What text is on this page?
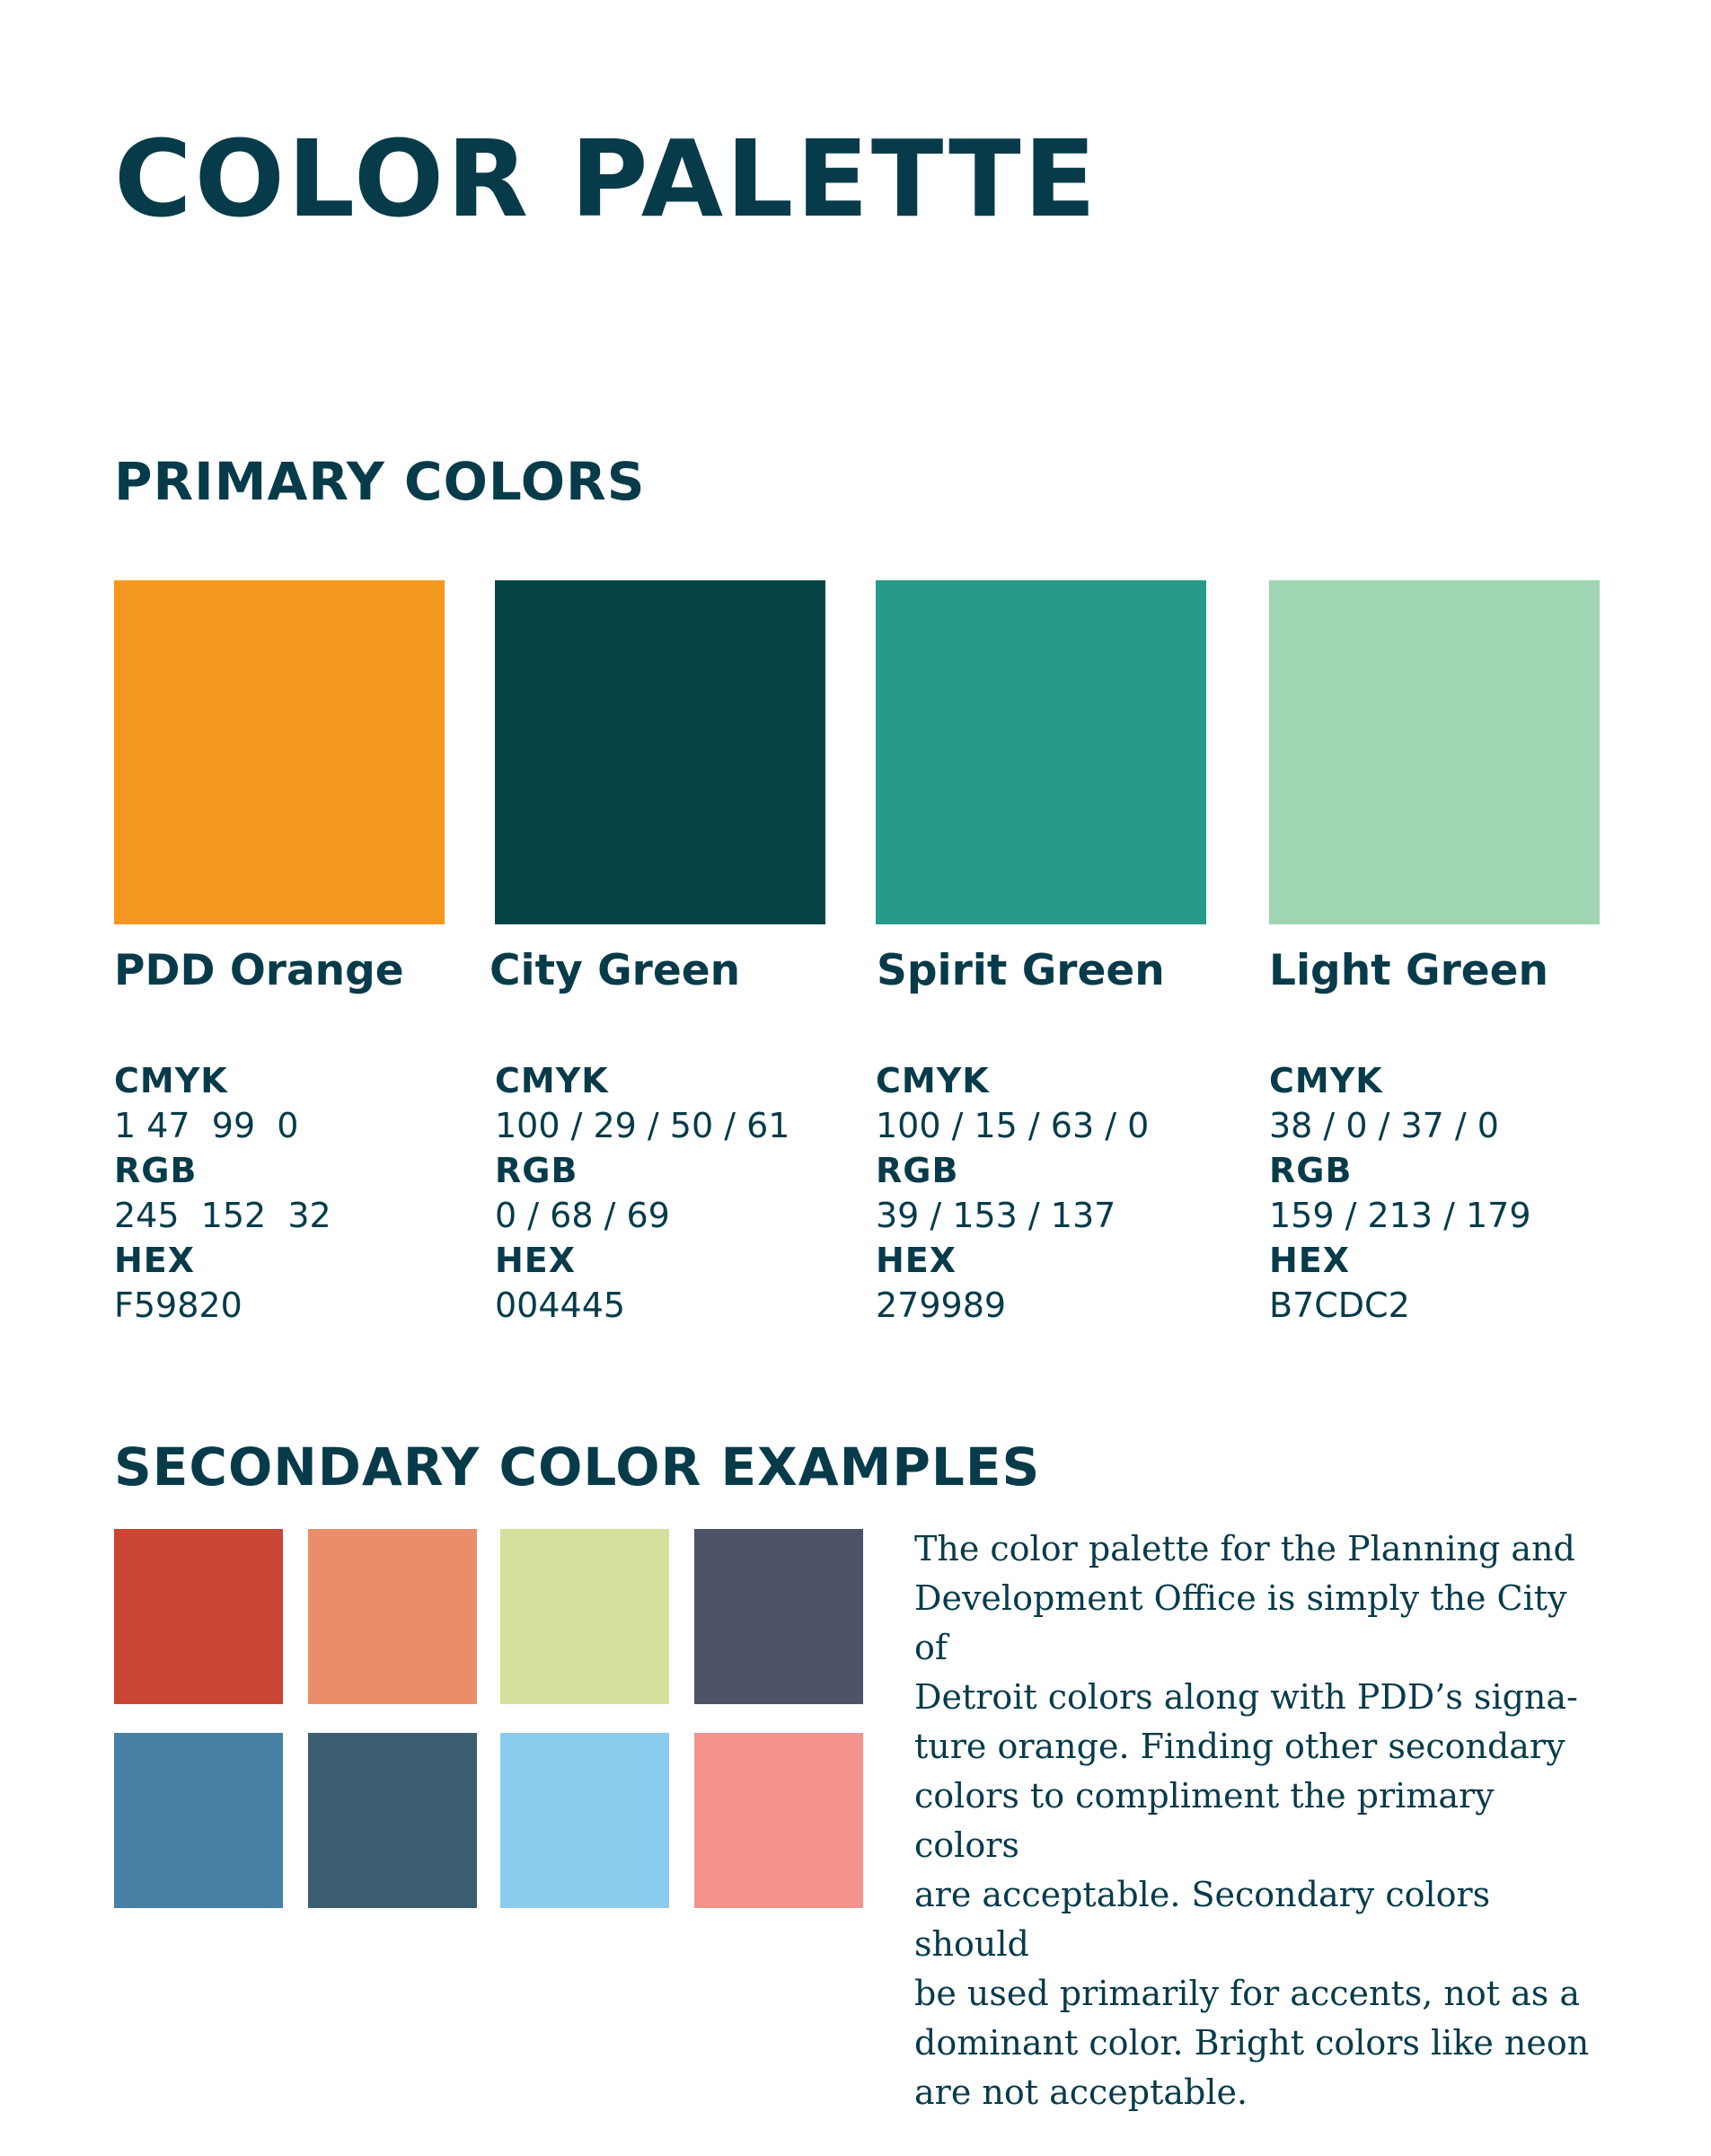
COLOR PALETTE
PRIMARY COLORS
PDD Orange
CMYK
1 47  99  0
RGB
245  152  32
HEX
F59820
City Green
CMYK
100 / 29 / 50 / 61
RGB
0 / 68 / 69
HEX
004445
Spirit Green
CMYK
100 / 15 / 63 / 0
RGB
39 / 153 / 137
HEX
279989
Light Green
CMYK
38 / 0 / 37 / 0
RGB
159 / 213 / 179
HEX
B7CDC2
SECONDARY COLOR EXAMPLES

The color palette for the Planning and
Development Office is simply the City of
Detroit colors along with PDD’s signa-
ture orange. Finding other secondary
colors to compliment the primary colors
are acceptable. Secondary colors should
be used primarily for accents, not as a
dominant color. Bright colors like neon
are not acceptable.
